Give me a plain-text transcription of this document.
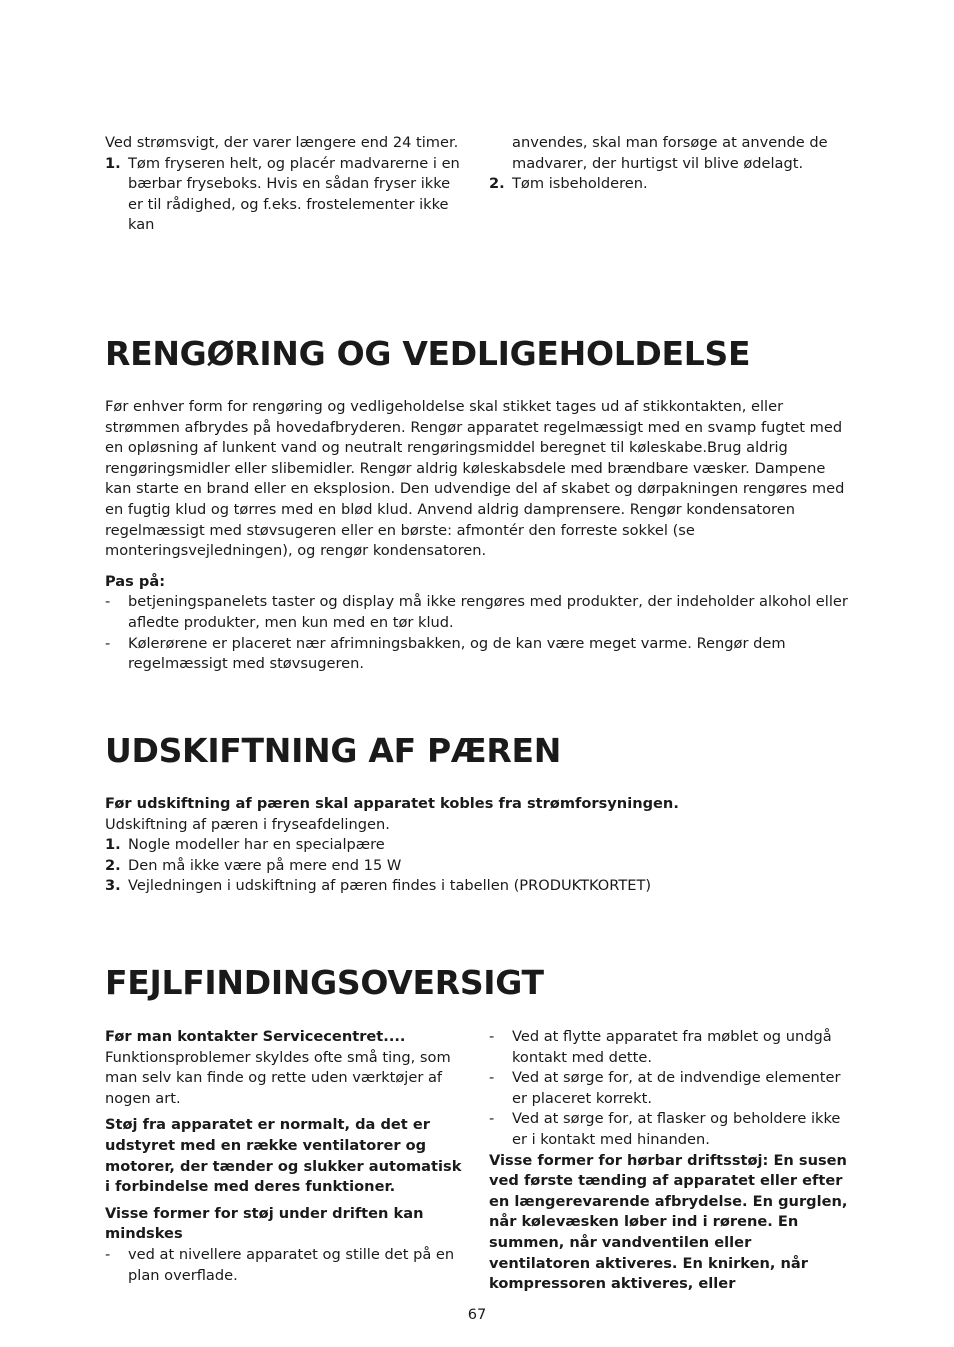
Ved strømsvigt, der varer længere end 24 timer.

1. Tøm fryseren helt, og placér madvarerne i en bærbar fryseboks. Hvis en sådan fryser ikke er til rådighed, og f.eks. frostelementer ikke kan
anvendes, skal man forsøge at anvende de madvarer, der hurtigst vil blive ødelagt.
2. Tøm isbeholderen.
RENGØRING OG VEDLIGEHOLDELSE

Før enhver form for rengøring og vedligeholdelse skal stikket tages ud af stikkontakten, eller strømmen afbrydes på hovedafbryderen. Rengør apparatet regelmæssigt med en svamp fugtet med en opløsning af lunkent vand og neutralt rengøringsmiddel beregnet til køleskabe.Brug aldrig rengøringsmidler eller slibemidler. Rengør aldrig køleskabsdele med brændbare væsker. Dampene kan starte en brand eller en eksplosion. Den udvendige del af skabet og dørpakningen rengøres med en fugtig klud og tørres med en blød klud. Anvend aldrig damprensere. Rengør kondensatoren regelmæssigt med støvsugeren eller en børste: afmontér den forreste sokkel (se monteringsvejledningen), og rengør kondensatoren.

Pas på:

- betjeningspanelets taster og display må ikke rengøres med produkter, der indeholder alkohol eller afledte produkter, men kun med en tør klud.
- Kølerørene er placeret nær afrimningsbakken, og de kan være meget varme. Rengør dem regelmæssigt med støvsugeren.
UDSKIFTNING AF PÆREN

Før udskiftning af pæren skal apparatet kobles fra strømforsyningen.

Udskiftning af pæren i fryseafdelingen.

1. Nogle modeller har en specialpære
2. Den må ikke være på mere end 15 W
3. Vejledningen i udskiftning af pæren findes i tabellen (PRODUKTKORTET)
FEJLFINDINGSOVERSIGT

Før man kontakter Servicecentret....

Funktionsproblemer skyldes ofte små ting, som man selv kan finde og rette uden værktøjer af nogen art.

Støj fra apparatet er normalt, da det er udstyret med en række ventilatorer og motorer, der tænder og slukker automatisk i forbindelse med deres funktioner.

Visse former for støj under driften kan mindskes

- ved at nivellere apparatet og stille det på en plan overflade.
- Ved at flytte apparatet fra møblet og undgå kontakt med dette.
- Ved at sørge for, at de indvendige elementer er placeret korrekt.
- Ved at sørge for, at flasker og beholdere ikke er i kontakt med hinanden.

Visse former for hørbar driftsstøj: En susen ved første tænding af apparatet eller efter en længerevarende afbrydelse. En gurglen, når kølevæsken løber ind i rørene. En summen, når vandventilen eller ventilatoren aktiveres. En knirken, når kompressoren aktiveres, eller

67
